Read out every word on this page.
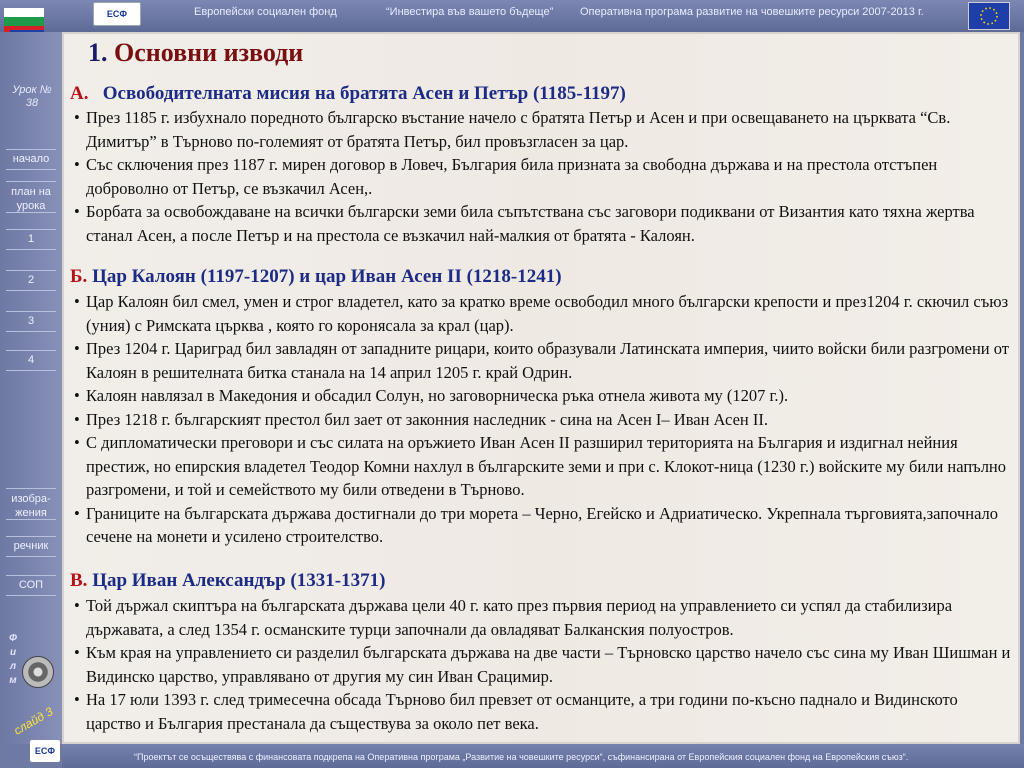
ЕСФ	Европейски социален фонд	“Инвестира във вашето бъдеще” Оперативна програма развитие на човешките ресурси 2007-2013 г.
Урок № 38
начало
план на урока
1
2
3
4
изобра-жения
речник
СОП
Ф
и
л
м
слайд 3
ЕСФ
1. Основни изводи
А. Освободителната мисия на братята Асен и Петър (1185-1197)

• През 1185 г. избухнало поредното българско въстание начело с братята Петър и Асен и при освещаването на църквата “Св. Димитър” в Търново по-големият от братята Петър, бил провъзгласен за цар.

• Със сключения през 1187 г. мирен договор в Ловеч, България била призната за свободна държава и на престола отстъпен доброволно от Петър, се възкачил Асен,.

• Борбата за освобождаване на всички български земи била съпътствана със заговори подиквани от Византия като тяхна жертва станал Асен, а после Петър и на престола се възкачил най-малкия от братята - Калоян.

Б. Цар Калоян (1197-1207) и цар Иван Асен II (1218-1241)

• Цар Калоян бил смел, умен и строг владетел, като за кратко време освободил много български крепости и през1204 г. скючил съюз (уния) с Римската църква , която го коронясала за крал (цар).

• През 1204 г. Цариград бил завладян от западните рицари, които образували Латинската империя, чиито войски били разгромени от Калоян в решителната битка станала на 14 април 1205 г. край Одрин.

• Калоян навлязал в Македония и обсадил Солун, но заговорническа ръка отнела живота му (1207 г.).

• През 1218 г. българският престол бил зает от законния наследник - сина на Асен I– Иван Асен II.

• С дипломатически преговори и със силата на оръжието Иван Асен II разширил територията на България и издигнал нейния престиж, но епирския владетел Теодор Комни нахлул в българските земи и при с. Клокот-ница (1230 г.) войските му били напълно разгромени, и той и семейството му били отведени в Търново.

• Границите на българската държава достигнали до три морета – Черно, Егейско и Адриатическо. Укрепнала търговията,започнало сечене на монети и усилено строителство.

В. Цар Иван Александър (1331-1371)

• Той държал скиптъра на българската държава цели 40 г. като през първия период на управлението си успял да стабилизира държавата, а след 1354 г. османските турци започнали да овладяват Балканския полуостров.

• Към края на управлението си разделил българската държава на две части – Търновско царство начело със сина му Иван Шишман и Видинско царство, управлявано от другия му син Иван Срацимир.

• На 17 юли 1393 г. след тримесечна обсада Търново бил превзет от османците, а три години по-късно паднало и Видинското царство и България престанала да съществува за около пет века.

“Проектът се осъществява с финансовата подкрепа на Оперативна програма „Развитие на човешките ресурси“, съфинансирана от Европейския социален фонд на Европейския съюз“.
